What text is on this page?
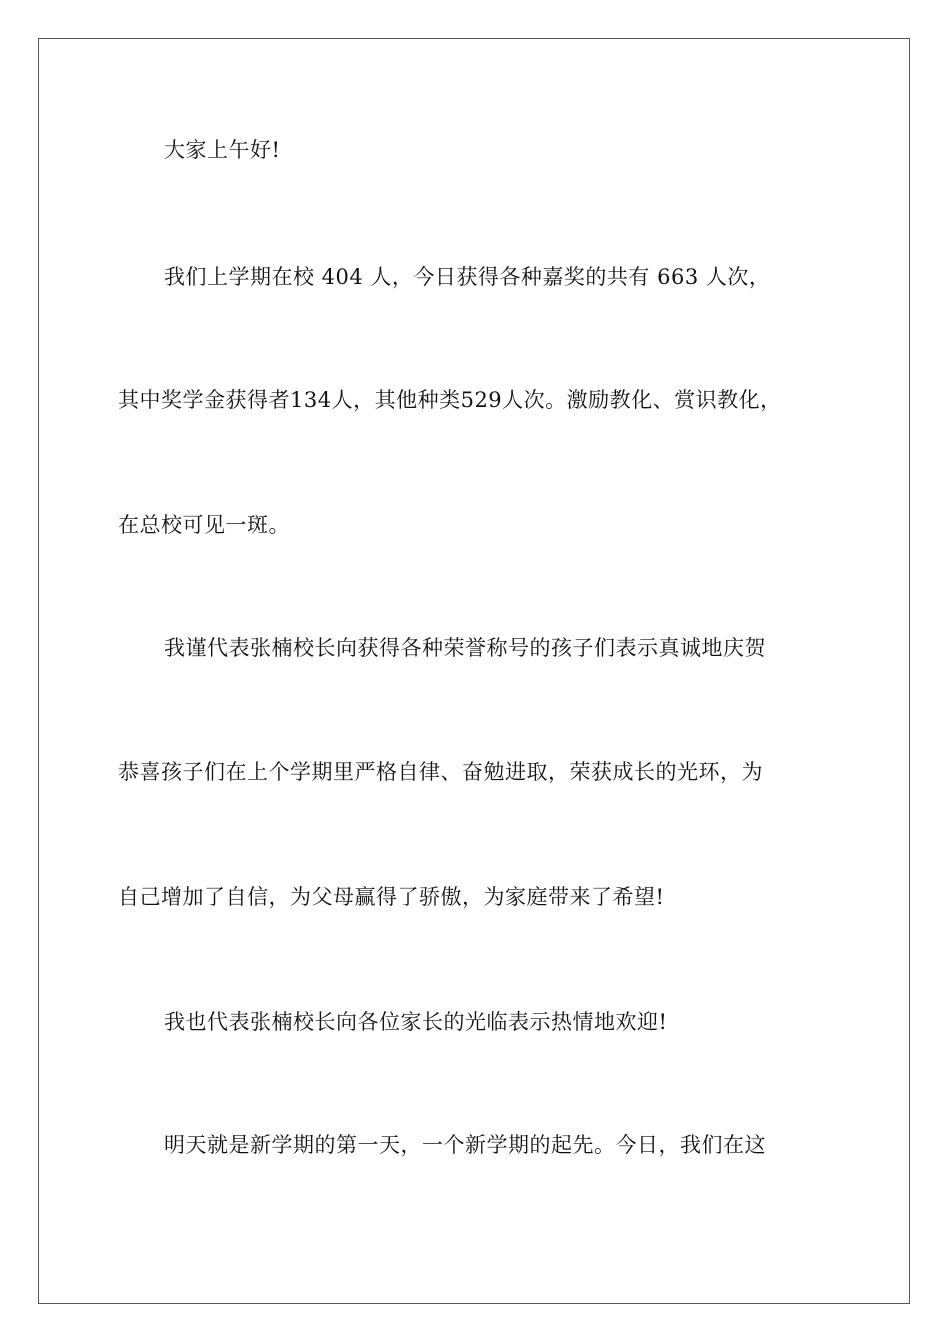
大家上午好!
我们上学期在校 404 人，今日获得各种嘉奖的共有 663 人次，
其中奖学金获得者134人，其他种类529人次。激励教化、赏识教化，
在总校可见一斑。
我谨代表张楠校长向获得各种荣誉称号的孩子们表示真诚地庆贺
恭喜孩子们在上个学期里严格自律、奋勉进取，荣获成长的光环，为
自己增加了自信，为父母赢得了骄傲，为家庭带来了希望!
我也代表张楠校长向各位家长的光临表示热情地欢迎!
明天就是新学期的第一天，一个新学期的起先。今日，我们在这
